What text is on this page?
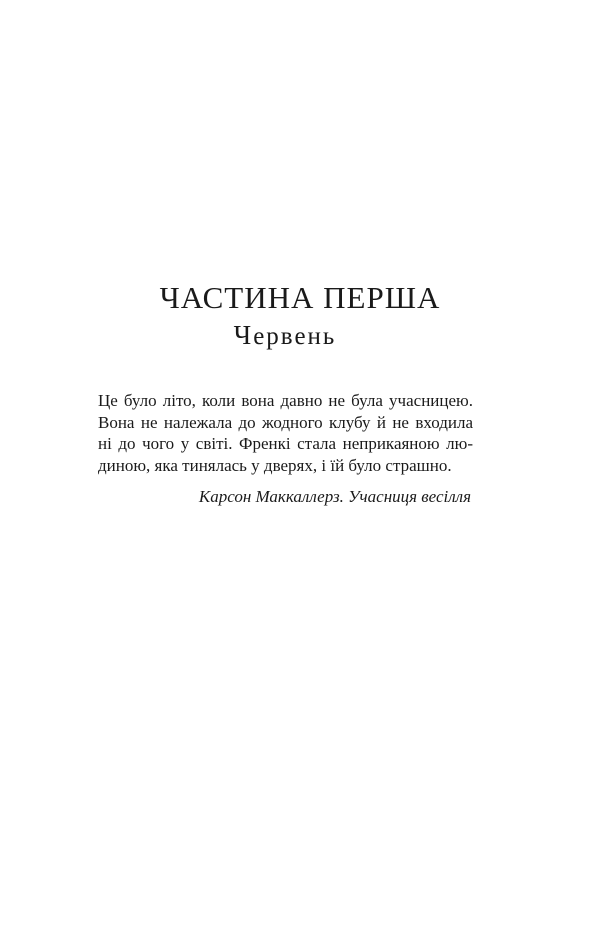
ЧАСТИНА ПЕРША
Червень
Це було літо, коли вона давно не була учасницею.
Вона не належала до жодного клубу й не входила
ні до чого у світі. Френкі стала неприкаяною лю-
диною, яка тинялась у дверях, і їй було страшно.
Карсон Маккаллерз. Учасниця весілля
